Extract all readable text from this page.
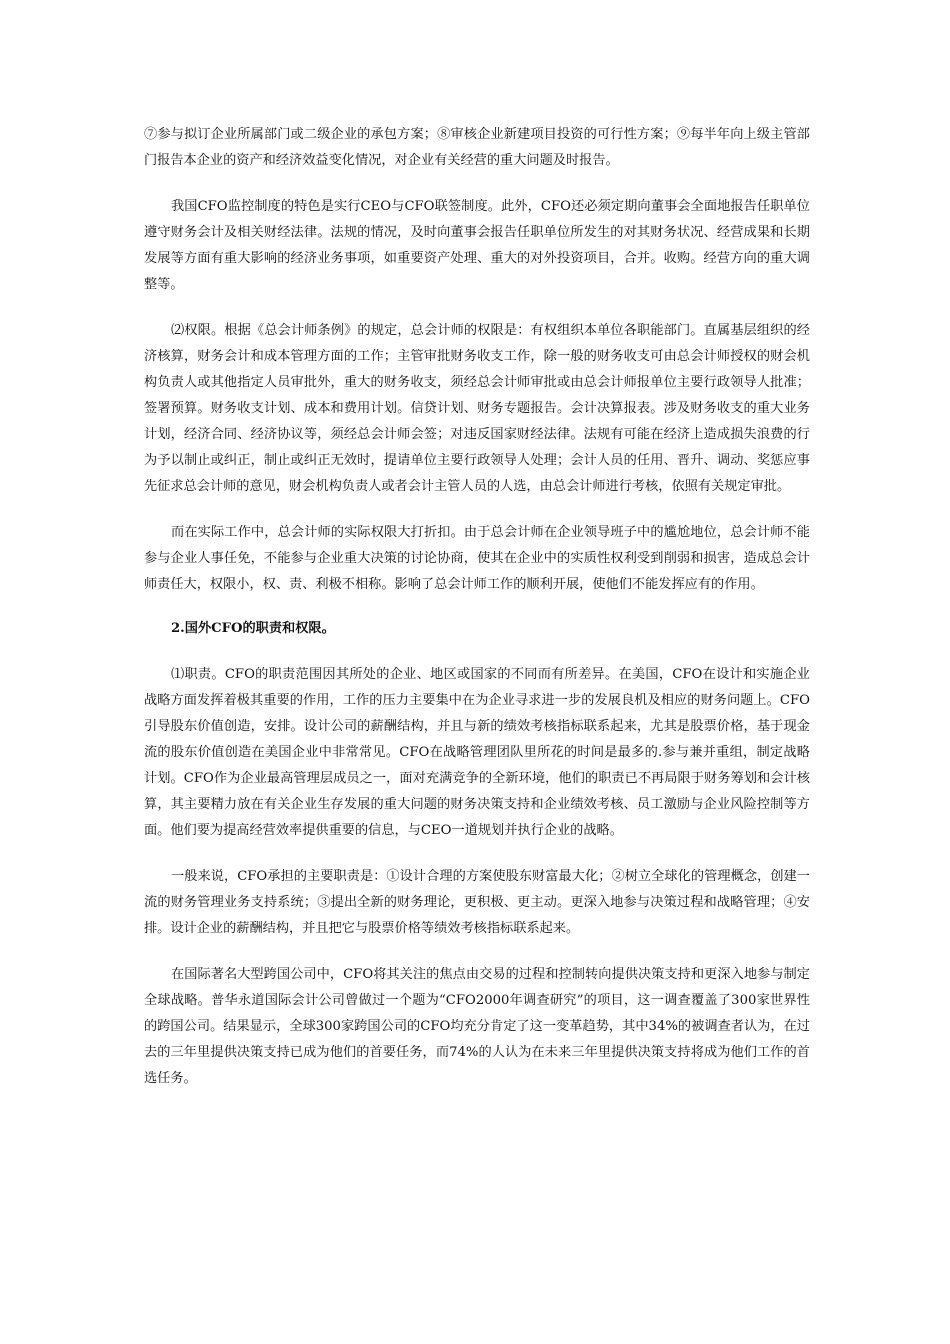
⑦参与拟订企业所属部门或二级企业的承包方案；⑧审核企业新建项目投资的可行性方案；⑨每半年向上级主管部门报告本企业的资产和经济效益变化情况，对企业有关经营的重大问题及时报告。

我国CFO监控制度的特色是实行CEO与CFO联签制度。此外，CFO还必须定期向董事会全面地报告任职单位遵守财务会计及相关财经法律。法规的情况，及时向董事会报告任职单位所发生的对其财务状况、经营成果和长期发展等方面有重大影响的经济业务事项，如重要资产处理、重大的对外投资项目，合并。收购。经营方向的重大调整等。

⑵权限。根据《总会计师条例》的规定，总会计师的权限是：有权组织本单位各职能部门。直属基层组织的经济核算，财务会计和成本管理方面的工作；主管审批财务收支工作，除一般的财务收支可由总会计师授权的财会机构负责人或其他指定人员审批外，重大的财务收支，须经总会计师审批或由总会计师报单位主要行政领导人批准；签署预算。财务收支计划、成本和费用计划。信贷计划、财务专题报告。会计决算报表。涉及财务收支的重大业务计划，经济合同、经济协议等，须经总会计师会签；对违反国家财经法律。法规有可能在经济上造成损失浪费的行为予以制止或纠正，制止或纠正无效时，提请单位主要行政领导人处理；会计人员的任用、晋升、调动、奖惩应事先征求总会计师的意见，财会机构负责人或者会计主管人员的人选，由总会计师进行考核，依照有关规定审批。

而在实际工作中，总会计师的实际权限大打折扣。由于总会计师在企业领导班子中的尴尬地位，总会计师不能参与企业人事任免，不能参与企业重大决策的讨论协商，使其在企业中的实质性权利受到削弱和损害，造成总会计师责任大，权限小，权、责、利极不相称。影响了总会计师工作的顺利开展，使他们不能发挥应有的作用。

2.国外CFO的职责和权限。

⑴职责。CFO的职责范围因其所处的企业、地区或国家的不同而有所差异。在美国，CFO在设计和实施企业战略方面发挥着极其重要的作用，工作的压力主要集中在为企业寻求进一步的发展良机及相应的财务问题上。CFO引导股东价值创造，安排。设计公司的薪酬结构，并且与新的绩效考核指标联系起来，尤其是股票价格，基于现金流的股东价值创造在美国企业中非常常见。CFO在战略管理团队里所花的时间是最多的.参与兼并重组，制定战略计划。CFO作为企业最高管理层成员之一，面对充满竞争的全新环境，他们的职责已不再局限于财务筹划和会计核算，其主要精力放在有关企业生存发展的重大问题的财务决策支持和企业绩效考核、员工激励与企业风险控制等方面。他们要为提高经营效率提供重要的信息，与CEO一道规划并执行企业的战略。

一般来说，CFO承担的主要职责是：①设计合理的方案使股东财富最大化；②树立全球化的管理概念，创建一流的财务管理业务支持系统；③提出全新的财务理论，更积极、更主动。更深入地参与决策过程和战略管理；④安排。设计企业的薪酬结构，并且把它与股票价格等绩效考核指标联系起来。

在国际著名大型跨国公司中，CFO将其关注的焦点由交易的过程和控制转向提供决策支持和更深入地参与制定全球战略。普华永道国际会计公司曾做过一个题为“CFO2000年调查研究”的项目，这一调查覆盖了300家世界性的跨国公司。结果显示，全球300家跨国公司的CFO均充分肯定了这一变革趋势，其中34%的被调查者认为，在过去的三年里提供决策支持已成为他们的首要任务，而74%的人认为在未来三年里提供决策支持将成为他们工作的首选任务。
